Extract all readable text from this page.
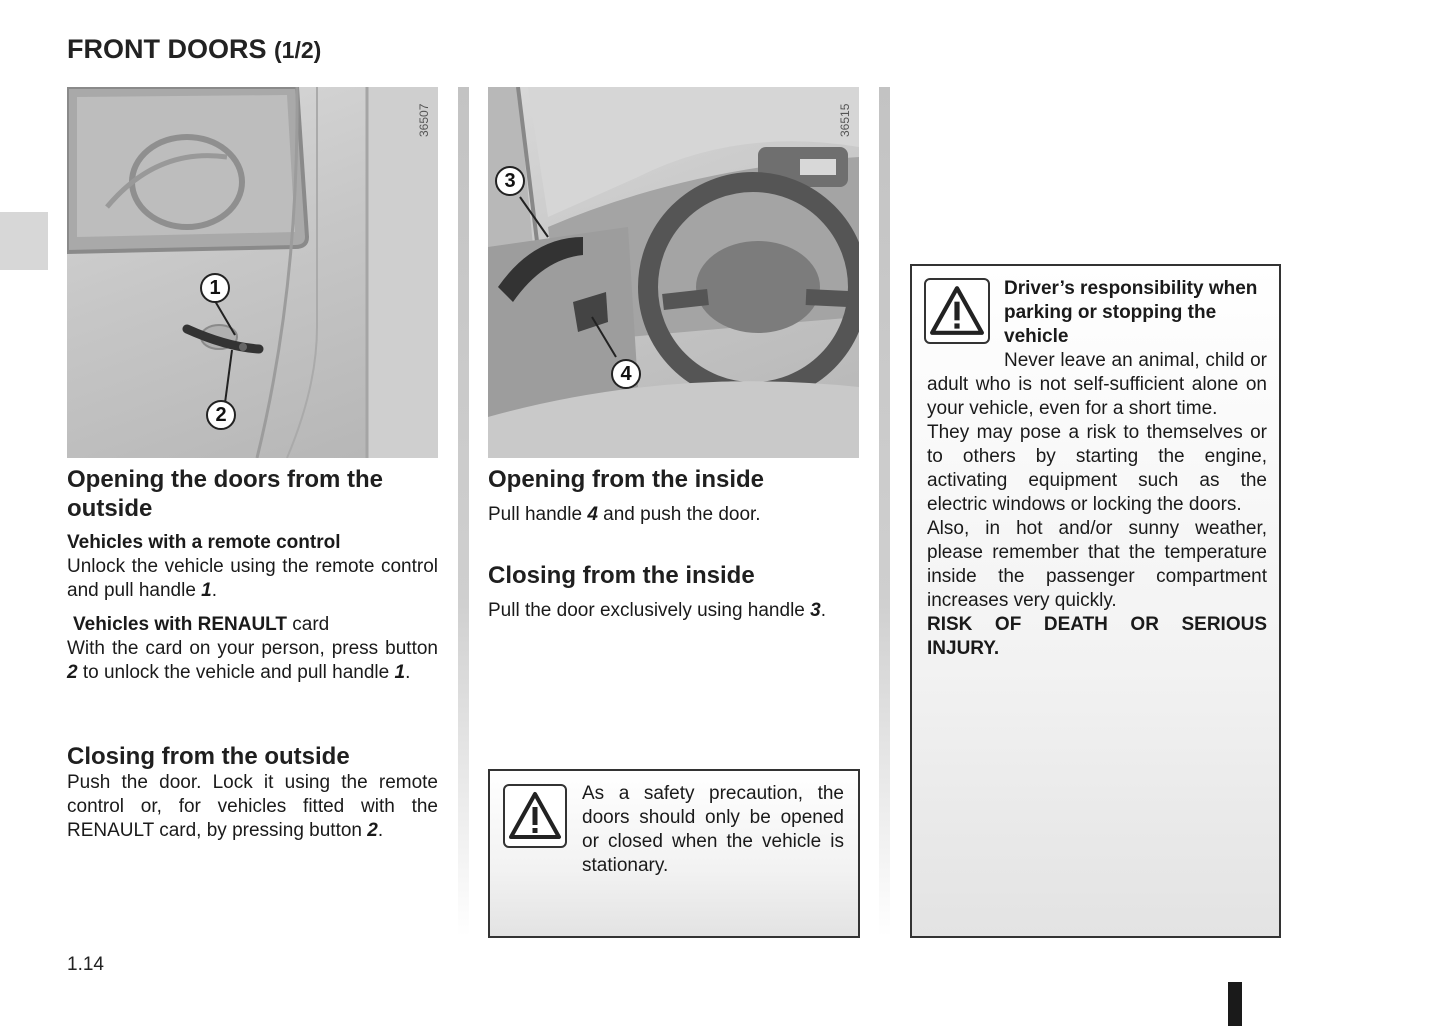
FRONT DOORS (1/2)
36507
1
2
Opening the doors from the outside
Vehicles with a remote control

Unlock the vehicle using the remote control and pull handle 1.

Vehicles with RENAULT card

With the card on your person, press button 2 to unlock the vehicle and pull handle 1.

Closing from the outside

Push the door. Lock it using the remote control or, for vehicles fitted with the RENAULT card, by pressing button 2.

36515
3
4
Opening from the inside

Pull handle 4 and push the door.

Closing from the inside

Pull the door exclusively using handle 3.

As a safety precaution, the doors should only be opened or closed when the vehicle is stationary.

Driver’s responsibility when parking or stopping the vehicle

Never leave an animal, child or adult who is not self-sufficient alone on your vehicle, even for a short time.

They may pose a risk to themselves or to others by starting the engine, activating equipment such as the electric windows or locking the doors.

Also, in hot and/or sunny weather, please remember that the temperature inside the passenger compartment increases very quickly.

RISK OF DEATH OR SERIOUS INJURY.

1.14
